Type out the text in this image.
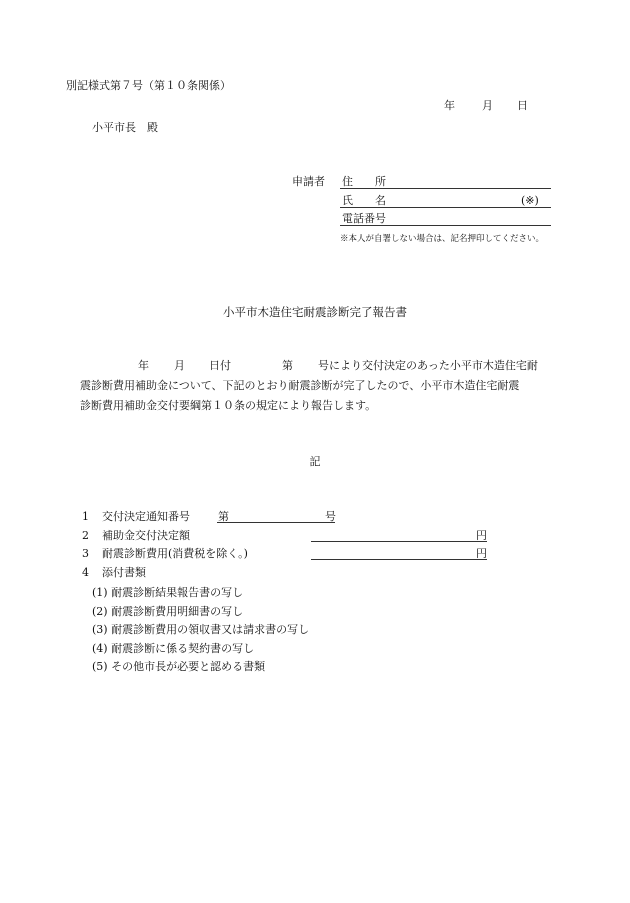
別記様式第７号（第１０条関係）
年 月 日
小平市長　殿
申請者 住　　所
氏　　名	(※)
電話番号
※本人が自署しない場合は、記名押印してください。
小平市木造住宅耐震診断完了報告書
年 月 日付	第 号により交付決定のあった小平市木造住宅耐
震診断費用補助金について、下記のとおり耐震診断が完了したので、小平市木造住宅耐震
診断費用補助金交付要綱第１０条の規定により報告します。
記
1 交付決定通知番号	第	号
2 補助金交付決定額	円
3 耐震診断費用(消費税を除く。)	円
4 添付書類
(1) 耐震診断結果報告書の写し
(2) 耐震診断費用明細書の写し
(3) 耐震診断費用の領収書又は請求書の写し
(4) 耐震診断に係る契約書の写し
(5) その他市長が必要と認める書類
